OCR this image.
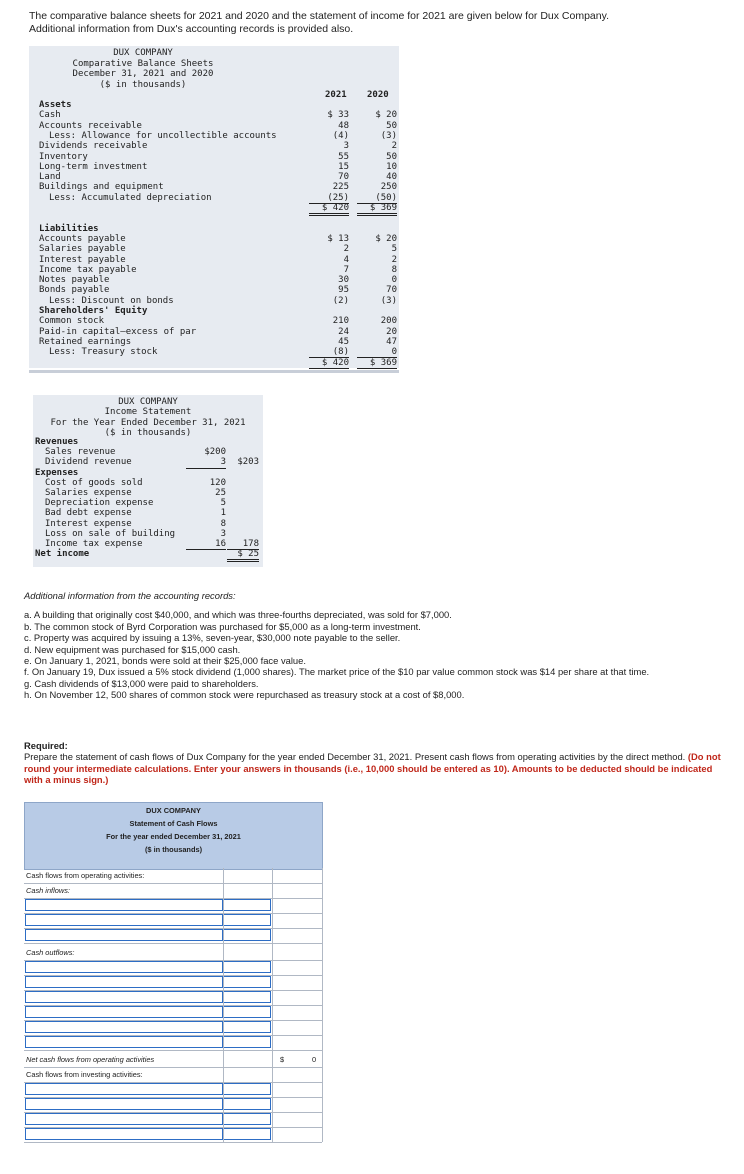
The comparative balance sheets for 2021 and 2020 and the statement of income for 2021 are given below for Dux Company.
Additional information from Dux's accounting records is provided also.
DUX COMPANY
Comparative Balance Sheets
December 31, 2021 and 2020
($ in thousands)
2021 2020
Assets
Cash	$ 33	$ 20
Accounts receivable	48	50
Less: Allowance for uncollectible accounts	(4)	(3)
Dividends receivable	3	2
Inventory	55	50
Long-term investment	15	10
Land	70	40
Buildings and equipment	225	250
Less: Accumulated depreciation	(25)	(50)
$ 420	$ 369
Liabilities
Accounts payable	$ 13	$ 20
Salaries payable	2	5
Interest payable	4	2
Income tax payable	7	8
Notes payable	30	0
Bonds payable	95	70
Less: Discount on bonds	(2)	(3)
Shareholders' Equity
Common stock	210	200
Paid-in capital–excess of par	24	20
Retained earnings	45	47
Less: Treasury stock	(8)	0
$ 420	$ 369
DUX COMPANY
Income Statement
For the Year Ended December 31, 2021
($ in thousands)
Revenues
Sales revenue	$200
Dividend revenue	3	$203
Expenses
Cost of goods sold	120
Salaries expense	25
Depreciation expense	5
Bad debt expense	1
Interest expense	8
Loss on sale of building	3
Income tax expense	16	178
Net income	$ 25
Additional information from the accounting records:
a. A building that originally cost $40,000, and which was three-fourths depreciated, was sold for $7,000.
b. The common stock of Byrd Corporation was purchased for $5,000 as a long-term investment.
c. Property was acquired by issuing a 13%, seven-year, $30,000 note payable to the seller.
d. New equipment was purchased for $15,000 cash.
e. On January 1, 2021, bonds were sold at their $25,000 face value.
f. On January 19, Dux issued a 5% stock dividend (1,000 shares). The market price of the $10 par value common stock was $14 per share at that time.
g. Cash dividends of $13,000 were paid to shareholders.
h. On November 12, 500 shares of common stock were repurchased as treasury stock at a cost of $8,000.
Required:
Prepare the statement of cash flows of Dux Company for the year ended December 31, 2021. Present cash flows from operating activities by the direct method. (Do not round your intermediate calculations. Enter your answers in thousands (i.e., 10,000 should be entered as 10). Amounts to be deducted should be indicated with a minus sign.)
DUX COMPANY
Statement of Cash Flows
For the year ended December 31, 2021
($ in thousands)
Cash flows from operating activities:
Cash inflows:
Cash outflows:
Net cash flows from operating activities	$	0
Cash flows from investing activities:
